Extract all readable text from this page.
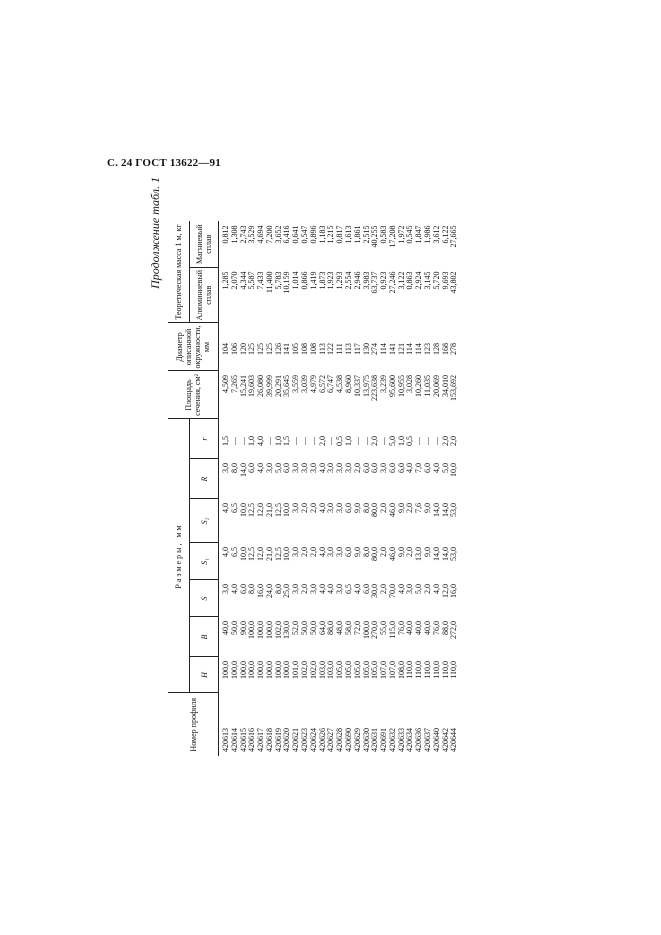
С. 24 ГОСТ 13622—91
Продолжение табл. 1
Номер профиля	Размеры, мм							Площадь сечения, см²	Диаметр описанной окружности, мм	Теоретическая масса 1 м, кг	
	H	B	S	S₁	S₂	R	r			Алюминиевый сплав	Магниевый сплав
420613	100,0	40,0	3,0	4,0	4,0	3,0	1,5	4,509	104	1,285	0,812
420614	100,0	50,0	4,0	6,5	6,5	8,0	—	7,265	106	2,070	1,308
420615	100,0	90,0	6,0	10,0	10,0	14,0	—	15,241	120	4,344	2,743
420616	100,0	100,0	8,0	12,5	12,5	6,0	1,0	19,603	125	5,587	3,529
420617	100,0	100,0	16,0	12,0	12,0	4,0	4,0	26,080	125	7,433	4,694
420618	100,0	100,0	24,0	21,0	21,0	3,0	—	39,999	125	11,400	7,200
420619	100,0	102,0	8,0	12,5	12,5	5,0	1,0	20,291	126	5,783	3,652
420620	100,0	130,0	25,0	10,0	10,0	6,0	1,5	35,645	141	10,159	6,416
420621	101,0	52,0	3,0	3,0	3,0	3,0	—	3,559	105	1,014	0,641
420623	102,0	50,0	2,0	2,0	2,0	3,0	—	3,039	108	0,866	0,547
420624	102,0	50,0	3,0	2,0	2,0	3,0	—	4,979	108	1,419	0,896
420626	103,0	64,0	4,0	4,0	4,0	4,0	2,0	6,572	113	1,873	1,183
420627	103,0	88,0	4,0	3,0	3,0	3,0	—	6,747	122	1,923	1,215
420628	105,0	48,0	3,0	3,0	3,0	3,0	0,5	4,538	111	1,293	0,817
420690	105,0	58,0	6,5	6,0	6,0	3,0	1,0	8,960	113	2,554	1,613
420629	105,0	72,0	4,0	9,0	9,0	2,0	—	10,337	117	2,946	1,861
420630	105,0	100,0	6,0	8,0	8,0	6,0	—	13,975	130	3,983	2,515
420631	105,0	270,0	30,0	80,0	80,0	6,0	2,0	223,638	274	63,737	40,255
420691	107,0	55,0	2,0	2,0	2,0	3,0	—	3,239	114	0,923	0,583
420632	107,0	115,0	70,0	46,0	46,0	6,0	5,0	95,600	141	27,246	17,208
420633	108,0	76,0	4,0	9,0	9,0	6,0	1,0	10,955	121	3,122	1,972
420634	110,0	40,0	3,0	2,0	2,0	4,0	0,5	3,028	114	0,863	0,545
420636	110,0	40,0	5,0	13,0	7,6	7,0	—	10,260	114	2,924	1,847
420637	110,0	40,0	2,0	9,0	9,0	6,0	—	11,035	123	3,145	1,986
420640	110,0	76,0	4,0	14,0	14,0	4,0	—	20,069	128	5,720	3,612
420642	110,0	88,0	12,0	14,0	14,0	5,0	2,0	34,010	168	9,693	6,122
420644	110,0	272,0	16,0	53,0	53,0	10,0	2,0	153,692	278	43,802	27,665
